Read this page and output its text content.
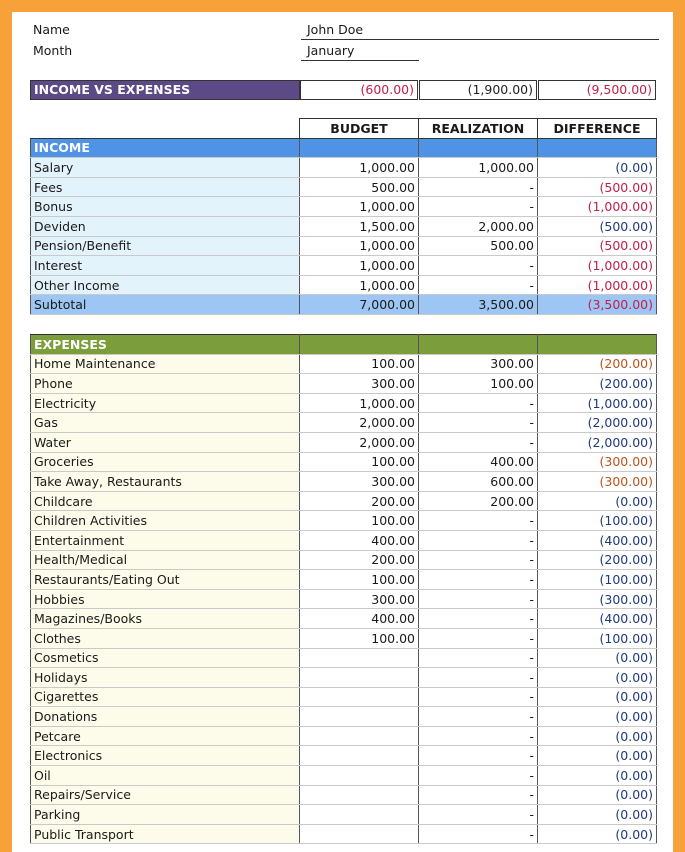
Name	John Doe
Month	January
INCOME VS EXPENSES	(600.00)	(1,900.00)	(9,500.00)
	BUDGET	REALIZATION	DIFFERENCE
INCOME			
Salary	1,000.00	1,000.00	(0.00)
Fees	500.00	-	(500.00)
Bonus	1,000.00	-	(1,000.00)
Deviden	1,500.00	2,000.00	(500.00)
Pension/Benefit	1,000.00	500.00	(500.00)
Interest	1,000.00	-	(1,000.00)
Other Income	1,000.00	-	(1,000.00)
Subtotal	7,000.00	3,500.00	(3,500.00)
EXPENSES			
Home Maintenance	100.00	300.00	(200.00)
Phone	300.00	100.00	(200.00)
Electricity	1,000.00	-	(1,000.00)
Gas	2,000.00	-	(2,000.00)
Water	2,000.00	-	(2,000.00)
Groceries	100.00	400.00	(300.00)
Take Away, Restaurants	300.00	600.00	(300.00)
Childcare	200.00	200.00	(0.00)
Children Activities	100.00	-	(100.00)
Entertainment	400.00	-	(400.00)
Health/Medical	200.00	-	(200.00)
Restaurants/Eating Out	100.00	-	(100.00)
Hobbies	300.00	-	(300.00)
Magazines/Books	400.00	-	(400.00)
Clothes	100.00	-	(100.00)
Cosmetics		-	(0.00)
Holidays		-	(0.00)
Cigarettes		-	(0.00)
Donations		-	(0.00)
Petcare		-	(0.00)
Electronics		-	(0.00)
Oil		-	(0.00)
Repairs/Service		-	(0.00)
Parking		-	(0.00)
Public Transport		-	(0.00)
